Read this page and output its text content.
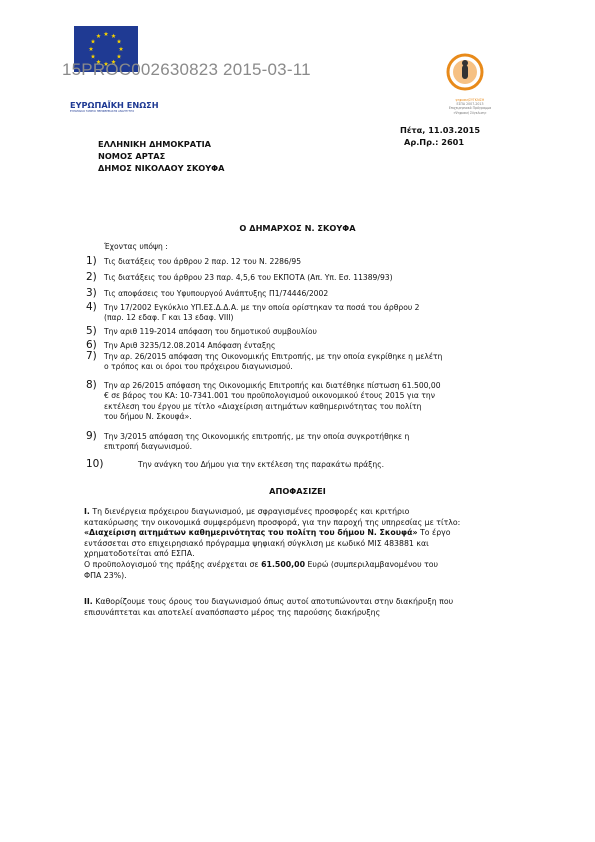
ΕΥΡΩΠΑΪΚΗ ΕΝΩΣΗ
ΕΥΡΩΠΑΪΚΟ ΤΑΜΕΙΟ ΠΕΡΙΦΕΡΕΙΑΚΗΣ ΑΝΑΠΤΥΞΗΣ
15PROC002630823 2015-03-11
ψηφιακήΣΥΓΚΛΙΣΗ
ΕΣΠΑ 2007-2013
Επιχειρησιακό Πρόγραμμα
«Ψηφιακή Σύγκλιση»
Πέτα, 11.03.2015
Αρ.Πρ.: 2601
ΕΛΛΗΝΙΚΗ ΔΗΜΟΚΡΑΤΙΑ
ΝΟΜΟΣ ΑΡΤΑΣ
ΔΗΜΟΣ ΝΙΚΟΛΑΟΥ ΣΚΟΥΦΑ
Ο ΔΗΜΑΡΧΟΣ Ν. ΣΚΟΥΦΑ
Έχοντας υπόψη :
1) Τις διατάξεις του άρθρου 2 παρ. 12 του Ν. 2286/95
2) Τις διατάξεις του άρθρου 23 παρ. 4,5,6 του ΕΚΠΟΤΑ (Απ. Υπ. Εσ. 11389/93)
3) Τις αποφάσεις του Υφυπουργού Ανάπτυξης Π1/74446/2002
4) Την 17/2002 Εγκύκλιο ΥΠ.ΕΣ.Δ.Δ.Α. με την οποία ορίστηκαν τα ποσά του άρθρου 2
(παρ. 12 εδαφ. Γ και 13 εδαφ. VIII)
5) Την αριθ 119-2014 απόφαση του δημοτικού συμβουλίου
6) Την Αριθ 3235/12.08.2014 Απόφαση ένταξης
7) Την αρ. 26/2015 απόφαση της Οικονομικής Επιτροπής, με την οποία εγκρίθηκε η μελέτη
ο τρόπος και οι όροι του πρόχειρου διαγωνισμού.
8) Την αρ 26/2015 απόφαση της Οικονομικής Επιτροπής και διατέθηκε πίστωση 61.500,00
€ σε βάρος του ΚΑ: 10-7341.001 του προϋπολογισμού οικονομικού έτους 2015 για την
εκτέλεση του έργου με τίτλο «Διαχείριση αιτημάτων καθημερινότητας του πολίτη
του δήμου Ν. Σκουφά».
9) Την 3/2015 απόφαση της Οικονομικής επιτροπής, με την οποία συγκροτήθηκε η
επιτροπή διαγωνισμού.
10)	Την ανάγκη του Δήμου για την εκτέλεση της παρακάτω πράξης.
ΑΠΟΦΑΣΙΖΕΙ
Ι. Τη διενέργεια πρόχειρου διαγωνισμού, με σφραγισμένες προσφορές και κριτήριο
κατακύρωσης την οικονομικά συμφερόμενη προσφορά, για την παροχή της υπηρεσίας με τίτλο:
«Διαχείριση αιτημάτων καθημερινότητας του πολίτη του δήμου Ν. Σκουφά» Το έργο
εντάσσεται στο επιχειρησιακό πρόγραμμα ψηφιακή σύγκλιση με κωδικό ΜΙΣ 483881 και
χρηματοδοτείται από ΕΣΠΑ.
Ο προϋπολογισμού της πράξης ανέρχεται σε 61.500,00 Ευρώ (συμπεριλαμβανομένου του
ΦΠΑ 23%).
ΙΙ. Καθορίζουμε τους όρους του διαγωνισμού όπως αυτοί αποτυπώνονται στην διακήρυξη που
επισυνάπτεται και αποτελεί αναπόσπαστο μέρος της παρούσης διακήρυξης
